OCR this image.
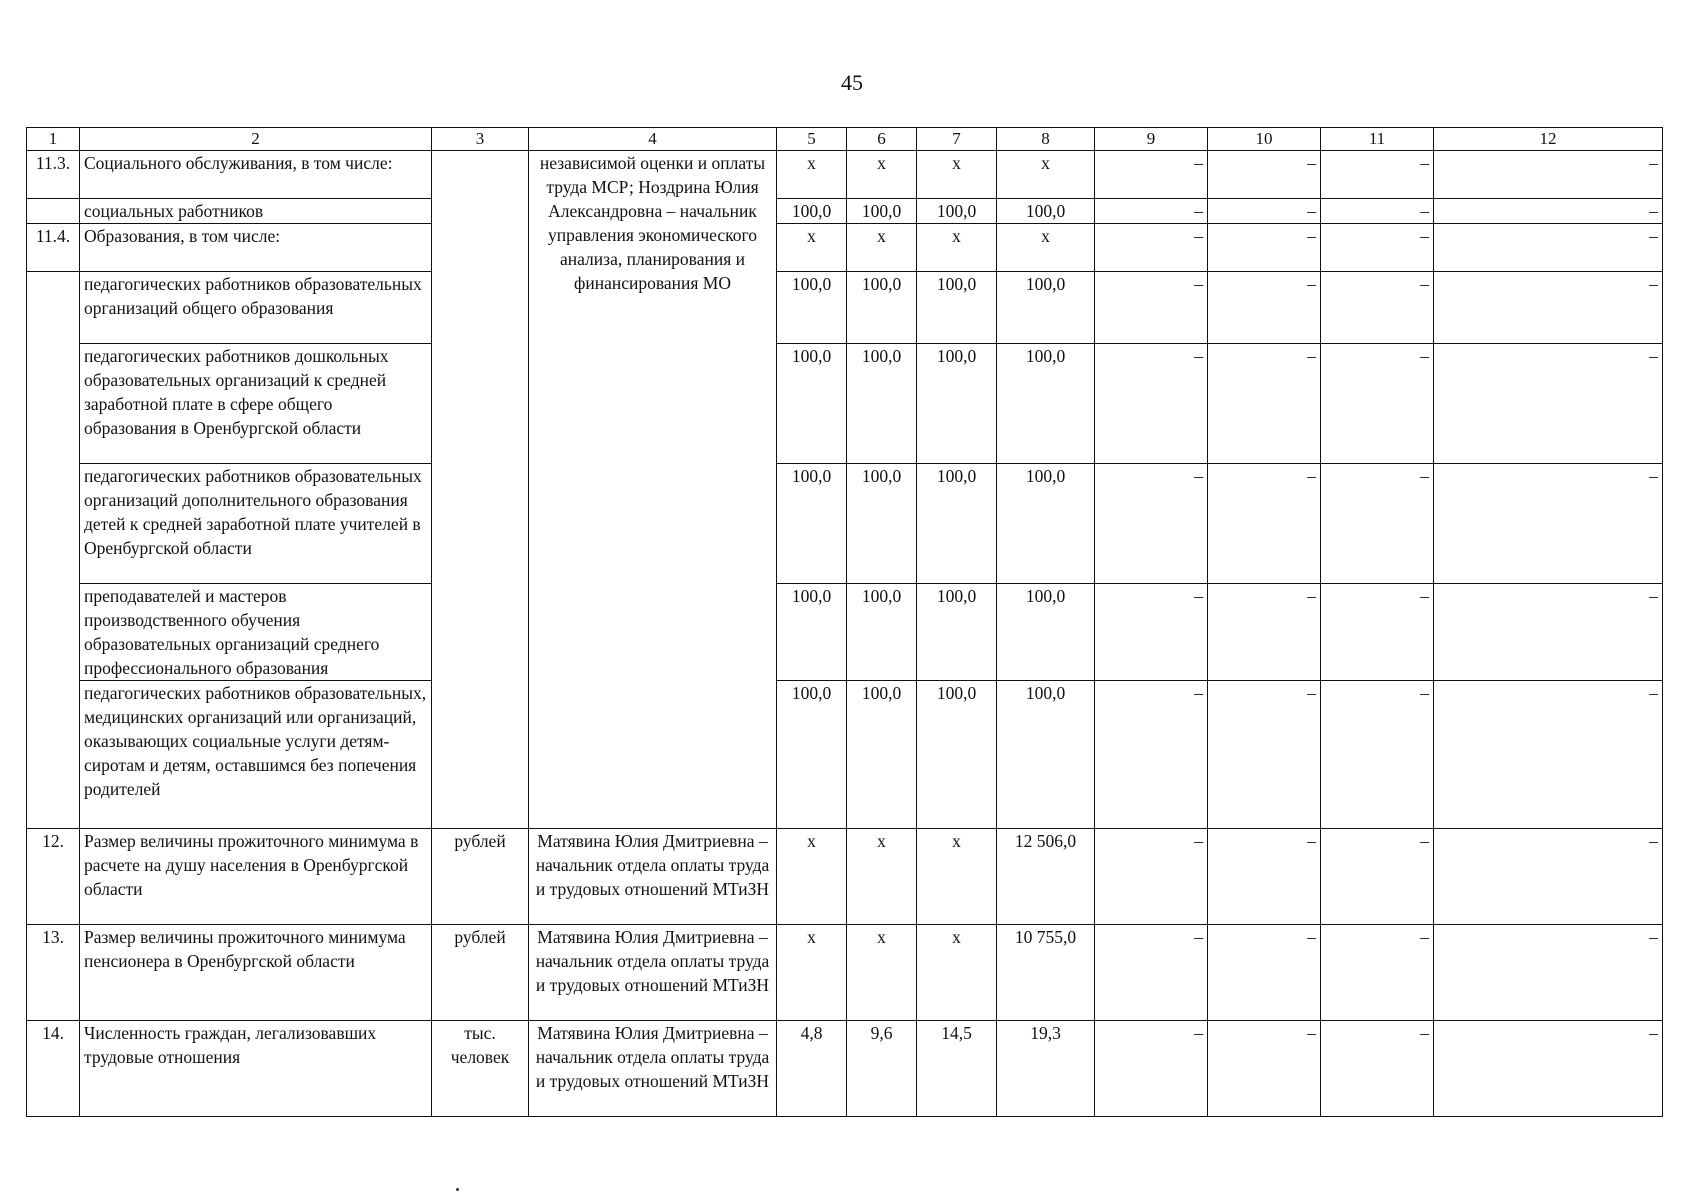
45
1	2	3	4	5	6	7	8	9	10	11	12
11.3.	Социального обслуживания, в том числе:		независимой оценки и оплаты труда МСР; Ноздрина Юлия Александровна – начальник управления экономического анализа, планирования и финансирования МО	x	x	x	x	–	–	–	–
	социальных работников			100,0	100,0	100,0	100,0	–	–	–	–
11.4.	Образования, в том числе:			x	x	x	x	–	–	–	–
	педагогических работников образовательных организаций общего образования			100,0	100,0	100,0	100,0	–	–	–	–
	педагогических работников дошкольных образовательных организаций к средней заработной плате в сфере общего образования в Оренбургской области			100,0	100,0	100,0	100,0	–	–	–	–
	педагогических работников образовательных организаций дополнительного образования детей к средней заработной плате учителей в Оренбургской области			100,0	100,0	100,0	100,0	–	–	–	–
	преподавателей и мастеров производственного обучения образовательных организаций среднего профессионального образования			100,0	100,0	100,0	100,0	–	–	–	–
	педагогических работников образовательных, медицинских организаций или организаций, оказывающих социальные услуги детям-сиротам и детям, оставшимся без попечения родителей			100,0	100,0	100,0	100,0	–	–	–	–
12.	Размер величины прожиточного минимума в расчете на душу населения в Оренбургской области	рублей	Матявина Юлия Дмитриевна – начальник отдела оплаты труда и трудовых отношений МТиЗН	x	x	x	12 506,0	–	–	–	–
13.	Размер величины прожиточного минимума пенсионера в Оренбургской области	рублей	Матявина Юлия Дмитриевна – начальник отдела оплаты труда и трудовых отношений МТиЗН	x	x	x	10 755,0	–	–	–	–
14.	Численность граждан, легализовавших трудовые отношения	тыс. человек	Матявина Юлия Дмитриевна – начальник отдела оплаты труда и трудовых отношений МТиЗН	4,8	9,6	14,5	19,3	–	–	–	–
